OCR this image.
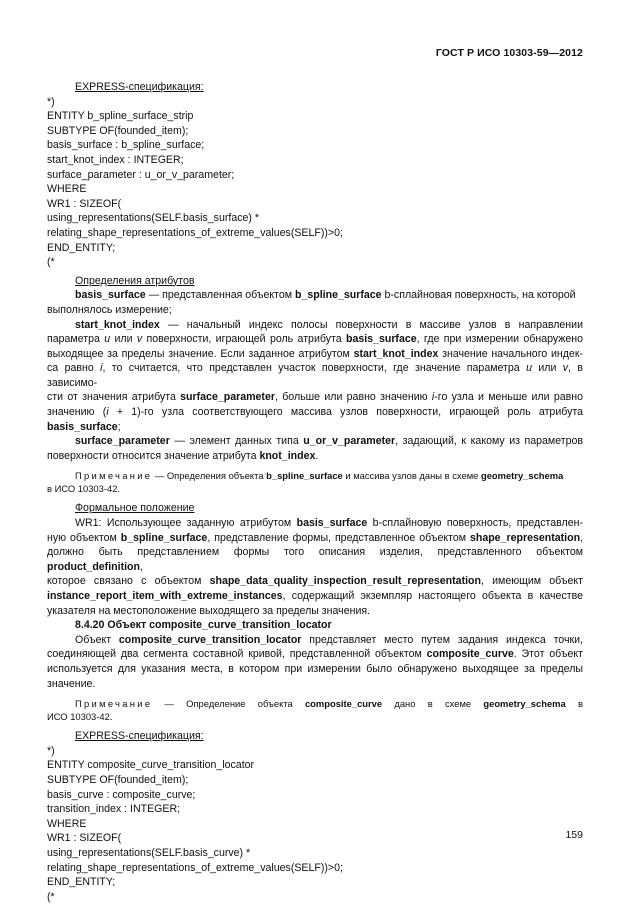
ГОСТ Р ИСО 10303-59—2012
EXPRESS-спецификация:
*)
ENTITY b_spline_surface_strip
SUBTYPE OF(founded_item);
basis_surface : b_spline_surface;
start_knot_index : INTEGER;
surface_parameter : u_or_v_parameter;
WHERE
WR1 : SIZEOF(
using_representations(SELF.basis_surface) *
relating_shape_representations_of_extreme_values(SELF))>0;
END_ENTITY;
(*
Определения атрибутов
basis_surface — представленная объектом b_spline_surface b-сплайновая поверхность, на которой
выполнялось измерение;
start_knot_index — начальный индекс полосы поверхности в массиве узлов в направлении
параметра u или v поверхности, играющей роль атрибута basis_surface, где при измерении обнаружено
выходящее за пределы значение. Если заданное атрибутом start_knot_index значение начального индек-
са равно i, то считается, что представлен участок поверхности, где значение параметра u или v, в зависимо-
сти от значения атрибута surface_parameter, больше или равно значению i-го узла и меньше или равно
значению (i + 1)-го узла соответствующего массива узлов поверхности, играющей роль атрибута
basis_surface;
surface_parameter — элемент данных типа u_or_v_parameter, задающий, к какому из параметров
поверхности относится значение атрибута knot_index.
Примечание — Определения объекта b_spline_surface и массива узлов даны в схеме geometry_schema
в ИСО 10303-42.
Формальное положение
WR1: Использующее заданную атрибутом basis_surface b-сплайновую поверхность, представлен-
ную объектом b_spline_surface, представление формы, представленное объектом shape_representation,
должно быть представлением формы того описания изделия, представленного объектом product_definition,
которое связано с объектом shape_data_quality_inspection_result_representation, имеющим объект
instance_report_item_with_extreme_instances, содержащий экземпляр настоящего объекта в качестве
указателя на местоположение выходящего за пределы значения.
8.4.20 Объект composite_curve_transition_locator
Объект composite_curve_transition_locator представляет место путем задания индекса точки,
соединяющей два сегмента составной кривой, представленной объектом composite_curve. Этот объект
используется для указания места, в котором при измерении было обнаружено выходящее за пределы
значение.
Примечание — Определение объекта composite_curve дано в схеме geometry_schema в
ИСО 10303-42.
EXPRESS-спецификация:
*)
ENTITY composite_curve_transition_locator
SUBTYPE OF(founded_item);
basis_curve : composite_curve;
transition_index : INTEGER;
WHERE
WR1 : SIZEOF(
using_representations(SELF.basis_curve) *
relating_shape_representations_of_extreme_values(SELF))>0;
END_ENTITY;
(*
159
